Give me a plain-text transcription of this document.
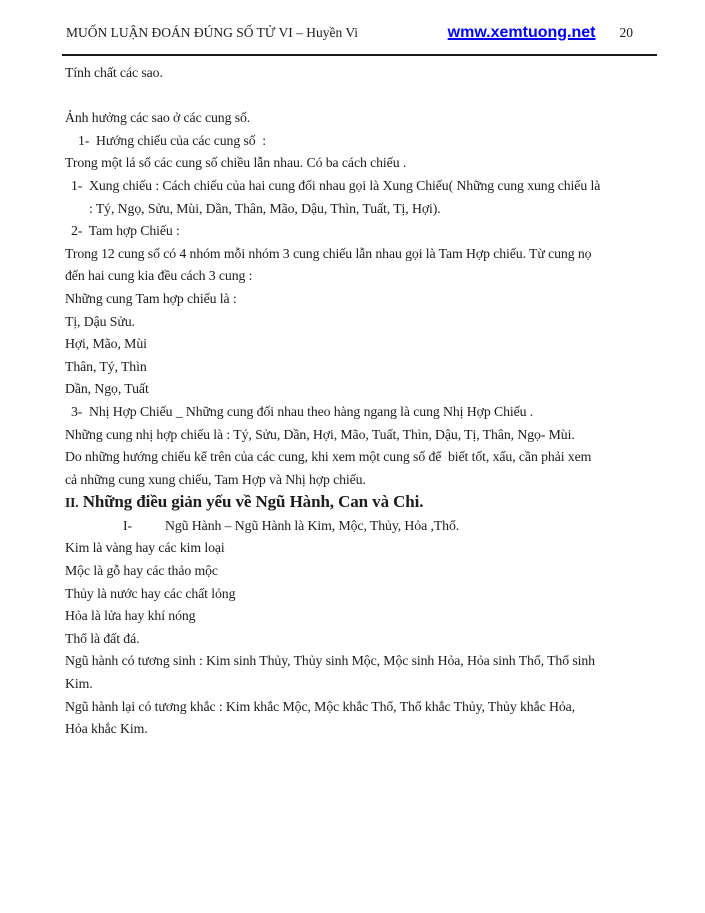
MUỐN LUẬN ĐOÁN ĐÚNG SỐ TỬ VI – Huyền Vi	wmw.xemtuong.net 20
Tính chất các sao.
Ảnh hưởng các sao ở các cung số.
1-  Hướng chiếu của các cung số  :
Trong một lá số các cung số chiều lẫn nhau. Có ba cách chiếu .
1-  Xung chiếu : Cách chiếu của hai cung đối nhau gọi là Xung Chiếu( Những cung xung chiếu là
: Tý, Ngọ, Sửu, Mùi, Dần, Thân, Mão, Dậu, Thìn, Tuất, Tị, Hợi).
2-  Tam hợp Chiếu :
Trong 12 cung số có 4 nhóm mỗi nhóm 3 cung chiếu lẫn nhau gọi là Tam Hợp chiếu. Từ cung nọ
đến hai cung kia đều cách 3 cung :
Những cung Tam hợp chiếu là :
Tị, Dậu Sửu.
Hợi, Mão, Mùi
Thân, Tý, Thìn
Dần, Ngọ, Tuất
3-  Nhị Hợp Chiếu _ Những cung đối nhau theo hàng ngang là cung Nhị Hợp Chiếu .
Những cung nhị hợp chiếu là : Tý, Sửu, Dần, Hợi, Mão, Tuất, Thìn, Dậu, Tị, Thân, Ngọ- Mùi.
Do những hướng chiếu kể trên của các cung, khi xem một cung số để  biết tốt, xấu, cần phải xem
cả những cung xung chiếu, Tam Hợp và Nhị hợp chiếu.
II. Những điều giản yếu về Ngũ Hành, Can và Chi.
I- Ngũ Hành – Ngũ Hành là Kim, Mộc, Thủy, Hỏa ,Thổ.
Kim là vàng hay các kim loại
Mộc là gỗ hay các thảo mộc
Thủy là nước hay các chất lỏng
Hỏa là lửa hay khí nóng
Thổ là đất đá.
Ngũ hành có tương sinh : Kim sinh Thủy, Thủy sinh Mộc, Mộc sinh Hỏa, Hỏa sinh Thổ, Thổ sinh
Kim.
Ngũ hành lại có tương khắc : Kim khắc Mộc, Mộc khắc Thổ, Thổ khắc Thủy, Thủy khắc Hỏa,
Hỏa khắc Kim.
